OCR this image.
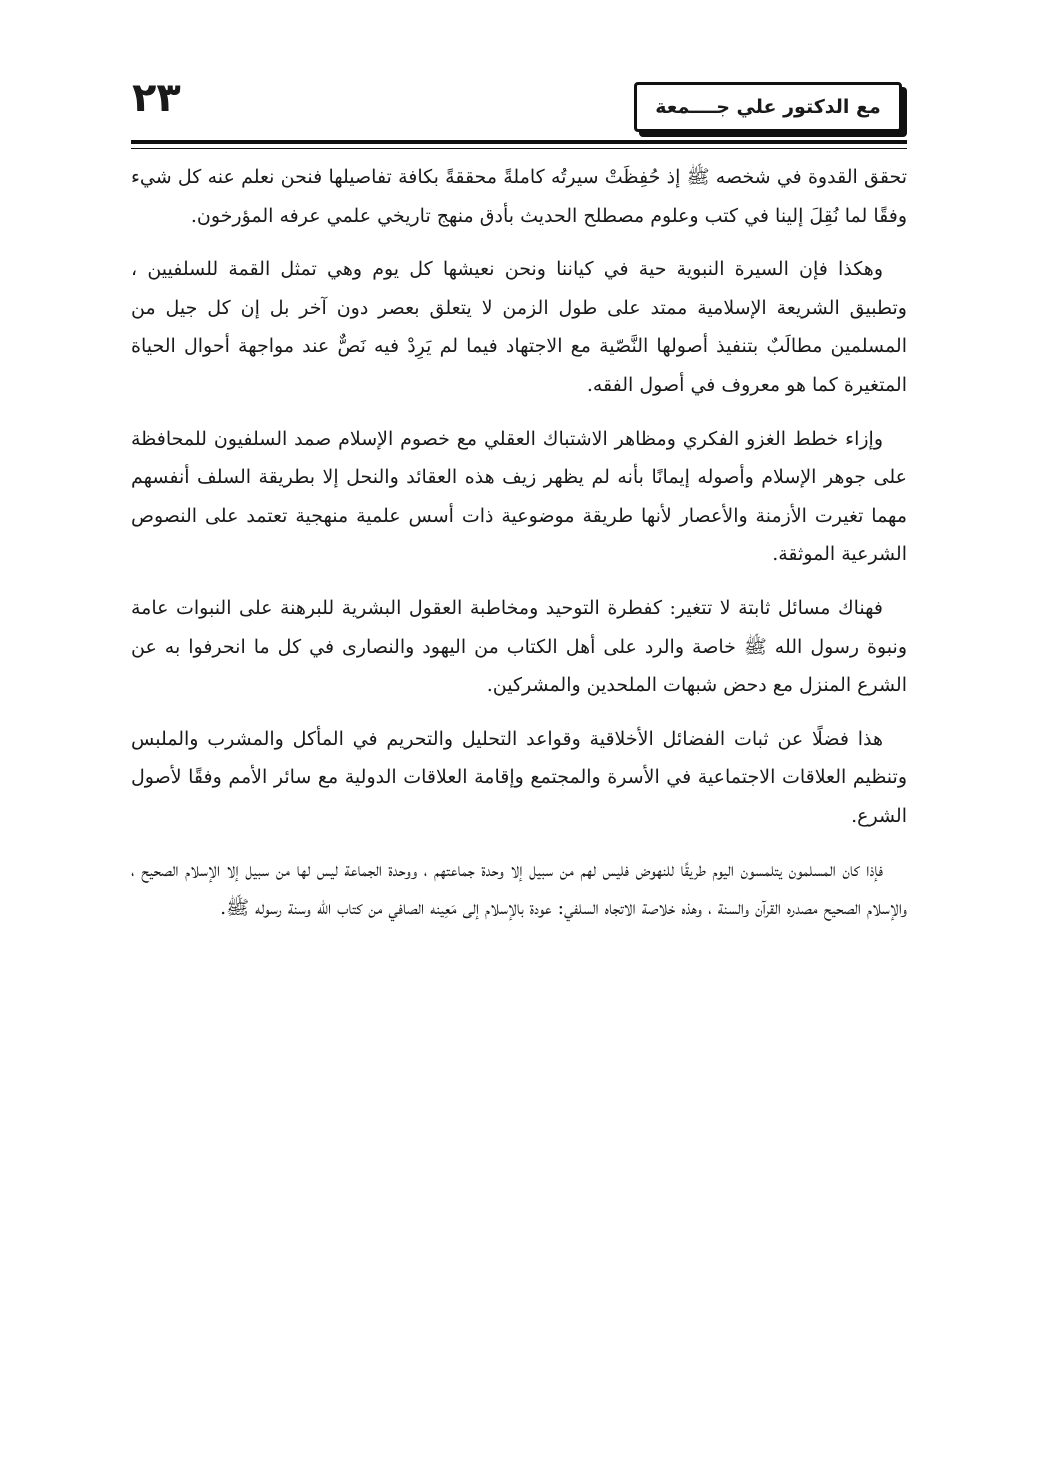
٢٣	مع الدكتور علي جــــمعة

تحقق القدوة في شخصه ﷺ إذ حُفِظَتْ سيرتُه كاملةً محققةً بكافة تفاصيلها فنحن نعلم عنه كل شيء وفقًا لما نُقِلَ إلينا في كتب وعلوم مصطلح الحديث بأدق منهج تاريخي علمي عرفه المؤرخون.

وهكذا فإن السيرة النبوية حية في كياننا ونحن نعيشها كل يوم وهي تمثل القمة للسلفيين ، وتطبيق الشريعة الإسلامية ممتد على طول الزمن لا يتعلق بعصر دون آخر بل إن كل جيل من المسلمين مطالَبٌ بتنفيذ أصولها النَّصّية مع الاجتهاد فيما لم يَرِدْ فيه نَصٌّ عند مواجهة أحوال الحياة المتغيرة كما هو معروف في أصول الفقه.

وإزاء خطط الغزو الفكري ومظاهر الاشتباك العقلي مع خصوم الإسلام صمد السلفيون للمحافظة على جوهر الإسلام وأصوله إيمانًا بأنه لم يظهر زيف هذه العقائد والنحل إلا بطريقة السلف أنفسهم مهما تغيرت الأزمنة والأعصار لأنها طريقة موضوعية ذات أسس علمية منهجية تعتمد على النصوص الشرعية الموثقة.

فهناك مسائل ثابتة لا تتغير: كفطرة التوحيد ومخاطبة العقول البشرية للبرهنة على النبوات عامة ونبوة رسول الله ﷺ خاصة والرد على أهل الكتاب من اليهود والنصارى في كل ما انحرفوا به عن الشرع المنزل مع دحض شبهات الملحدين والمشركين.

هذا فضلًا عن ثبات الفضائل الأخلاقية وقواعد التحليل والتحريم في المأكل والمشرب والملبس وتنظيم العلاقات الاجتماعية في الأسرة والمجتمع وإقامة العلاقات الدولية مع سائر الأمم وفقًا لأصول الشرع.

فإذا كان المسلمون يتلمسون اليوم طريقًا للنهوض فليس لهم من سبيل إلا وحدة جماعتهم ، ووحدة الجماعة ليس لها من سبيل إلا الإسلام الصحيح ، والإسلام الصحيح مصدره القرآن والسنة ، وهذه خلاصة الاتجاه السلفي: عودة بالإسلام إلى مَعِينه الصافي من كتاب الله وسنة رسوله ﷺ.
